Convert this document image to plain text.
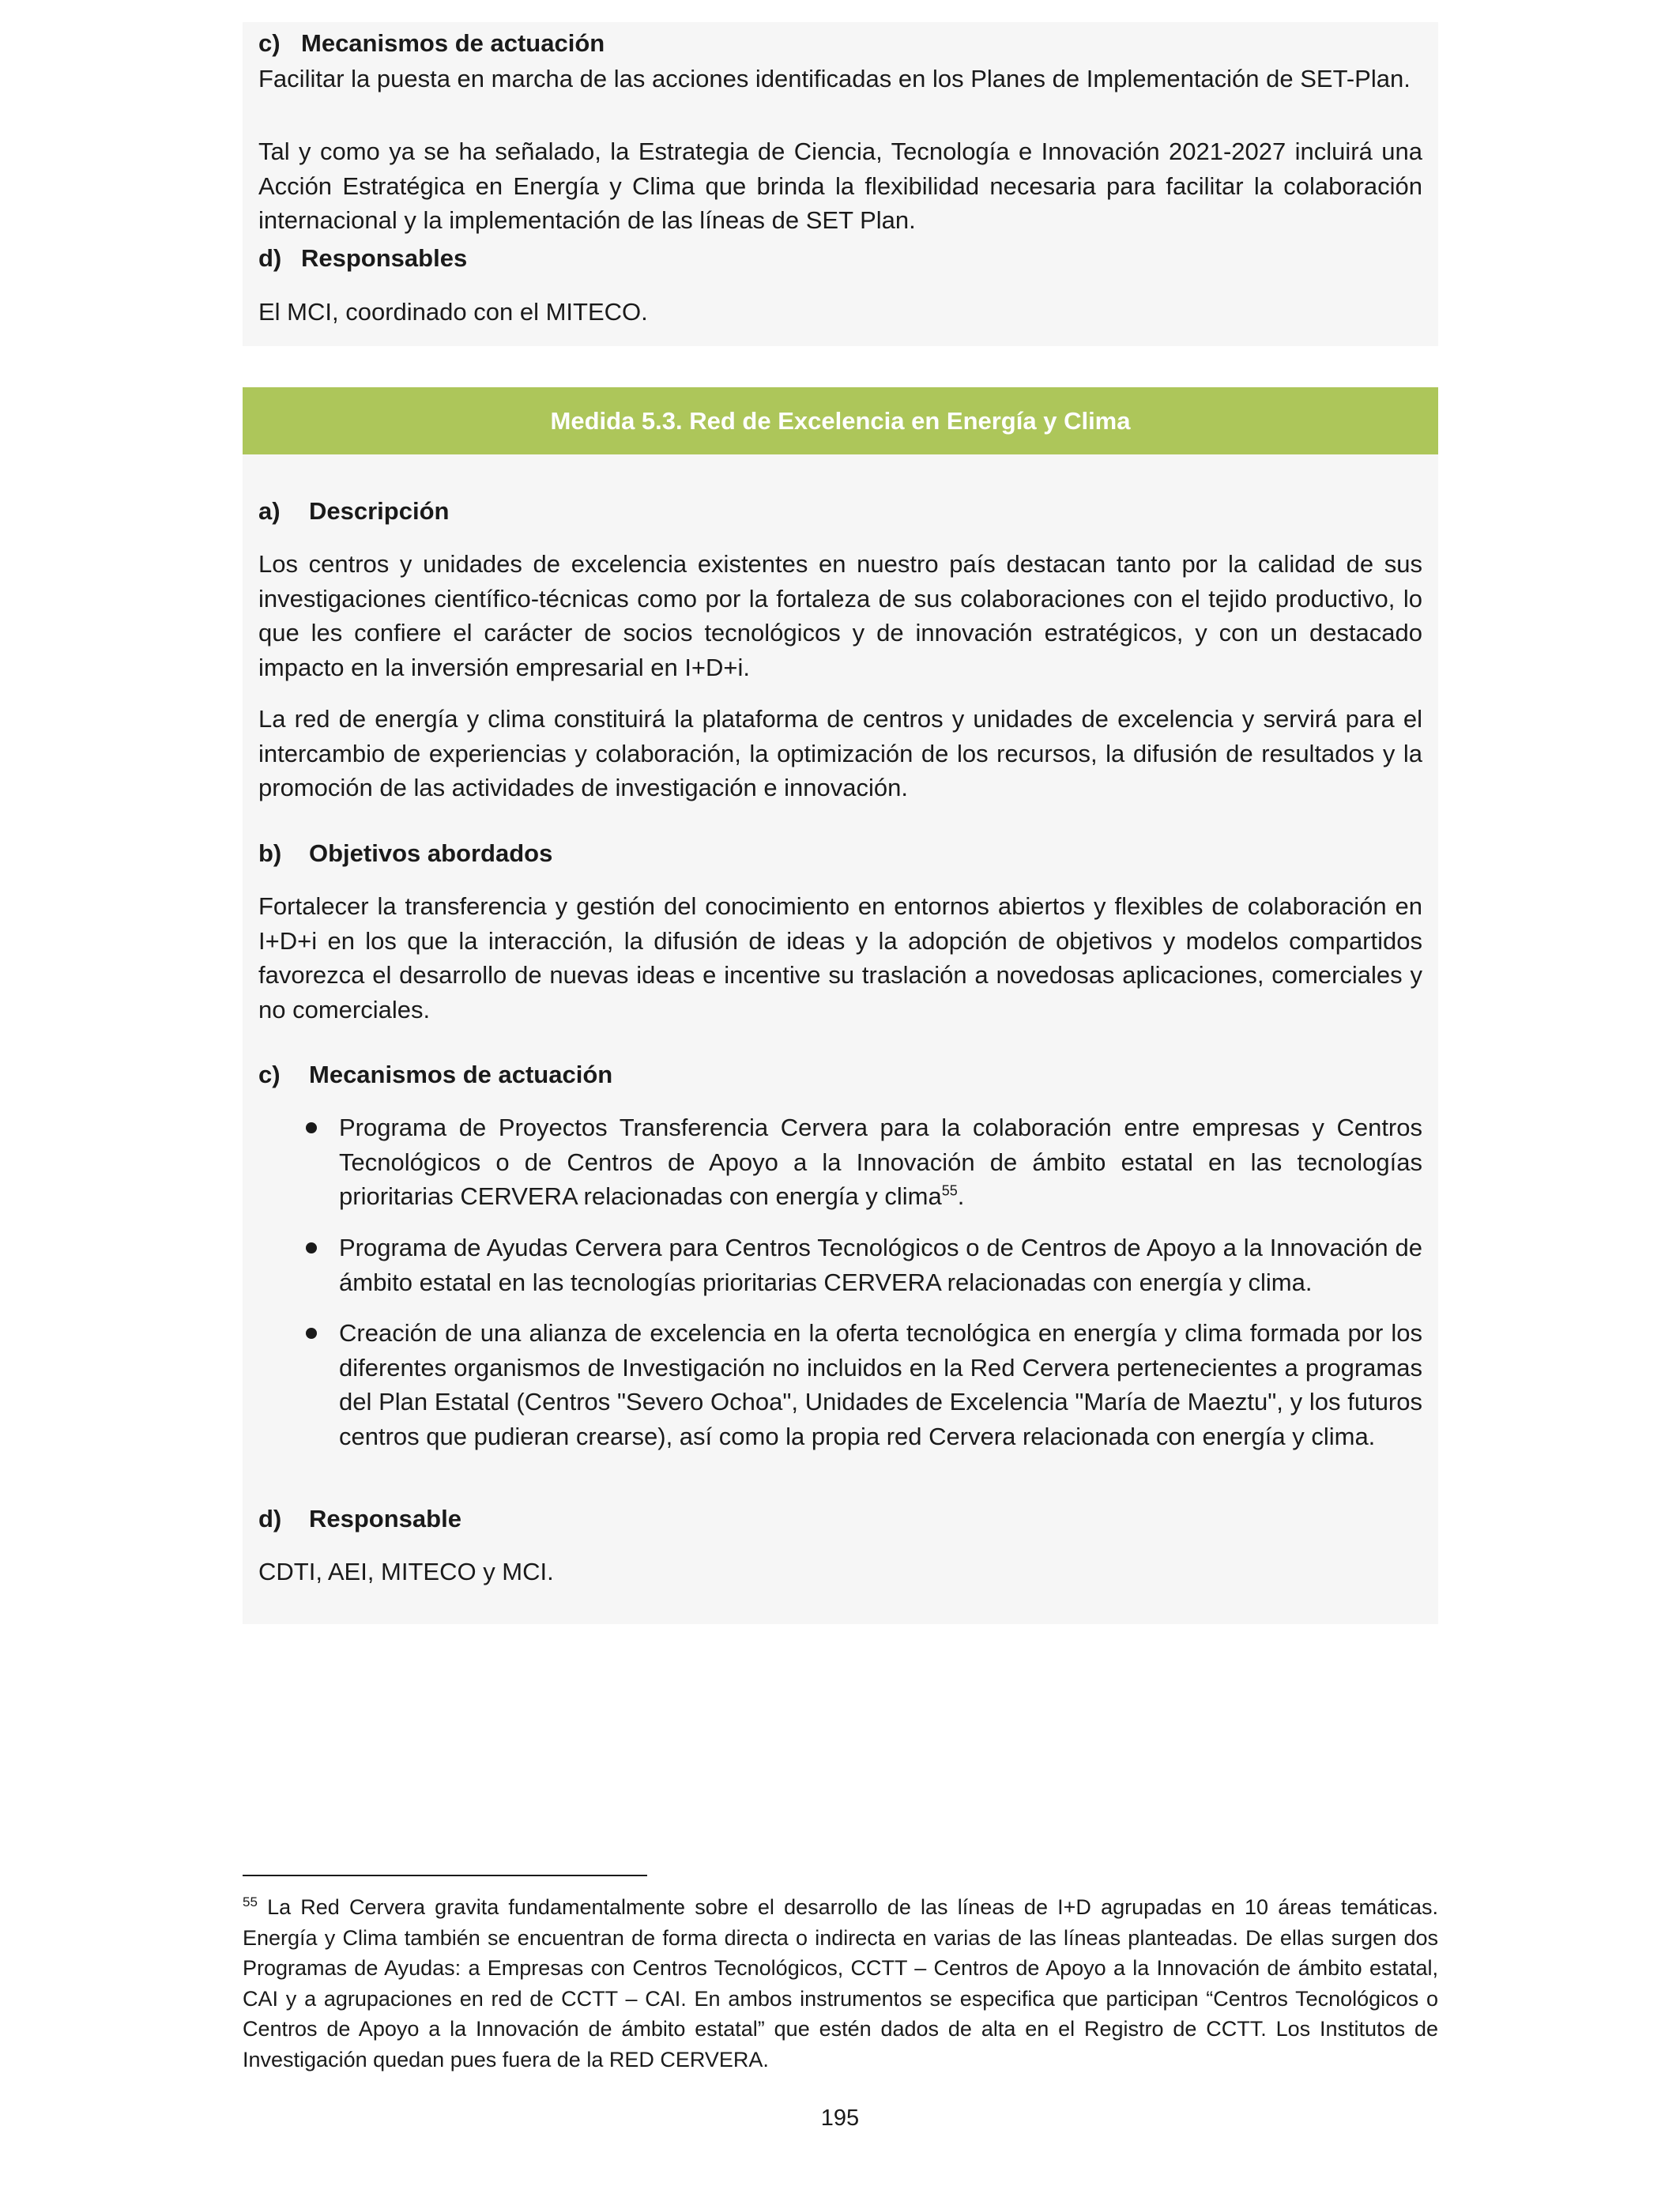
c) Mecanismos de actuación
Facilitar la puesta en marcha de las acciones identificadas en los Planes de Implementación de SET-Plan.
Tal y como ya se ha señalado, la Estrategia de Ciencia, Tecnología e Innovación 2021-2027 incluirá una Acción Estratégica en Energía y Clima que brinda la flexibilidad necesaria para facilitar la colaboración internacional y la implementación de las líneas de SET Plan.
d) Responsables
El MCI, coordinado con el MITECO.
Medida 5.3. Red de Excelencia en Energía y Clima
a) Descripción
Los centros y unidades de excelencia existentes en nuestro país destacan tanto por la calidad de sus investigaciones científico-técnicas como por la fortaleza de sus colaboraciones con el tejido productivo, lo que les confiere el carácter de socios tecnológicos y de innovación estratégicos, y con un destacado impacto en la inversión empresarial en I+D+i.
La red de energía y clima constituirá la plataforma de centros y unidades de excelencia y servirá para el intercambio de experiencias y colaboración, la optimización de los recursos, la difusión de resultados y la promoción de las actividades de investigación e innovación.
b) Objetivos abordados
Fortalecer la transferencia y gestión del conocimiento en entornos abiertos y flexibles de colaboración en I+D+i en los que la interacción, la difusión de ideas y la adopción de objetivos y modelos compartidos favorezca el desarrollo de nuevas ideas e incentive su traslación a novedosas aplicaciones, comerciales y no comerciales.
c) Mecanismos de actuación
Programa de Proyectos Transferencia Cervera para la colaboración entre empresas y Centros Tecnológicos o de Centros de Apoyo a la Innovación de ámbito estatal en las tecnologías prioritarias CERVERA relacionadas con energía y clima$^{55}$.
Programa de Ayudas Cervera para Centros Tecnológicos o de Centros de Apoyo a la Innovación de ámbito estatal en las tecnologías prioritarias CERVERA relacionadas con energía y clima.
Creación de una alianza de excelencia en la oferta tecnológica en energía y clima formada por los diferentes organismos de Investigación no incluidos en la Red Cervera pertenecientes a programas del Plan Estatal (Centros "Severo Ochoa", Unidades de Excelencia "María de Maeztu", y los futuros centros que pudieran crearse), así como la propia red Cervera relacionada con energía y clima.
d) Responsable
CDTI, AEI, MITECO y MCI.
$^{55}$ La Red Cervera gravita fundamentalmente sobre el desarrollo de las líneas de I+D agrupadas en 10 áreas temáticas. Energía y Clima también se encuentran de forma directa o indirecta en varias de las líneas planteadas. De ellas surgen dos Programas de Ayudas: a Empresas con Centros Tecnológicos, CCTT – Centros de Apoyo a la Innovación de ámbito estatal, CAI y a agrupaciones en red de CCTT – CAI. En ambos instrumentos se especifica que participan “Centros Tecnológicos o Centros de Apoyo a la Innovación de ámbito estatal” que estén dados de alta en el Registro de CCTT. Los Institutos de Investigación quedan pues fuera de la RED CERVERA.
195
